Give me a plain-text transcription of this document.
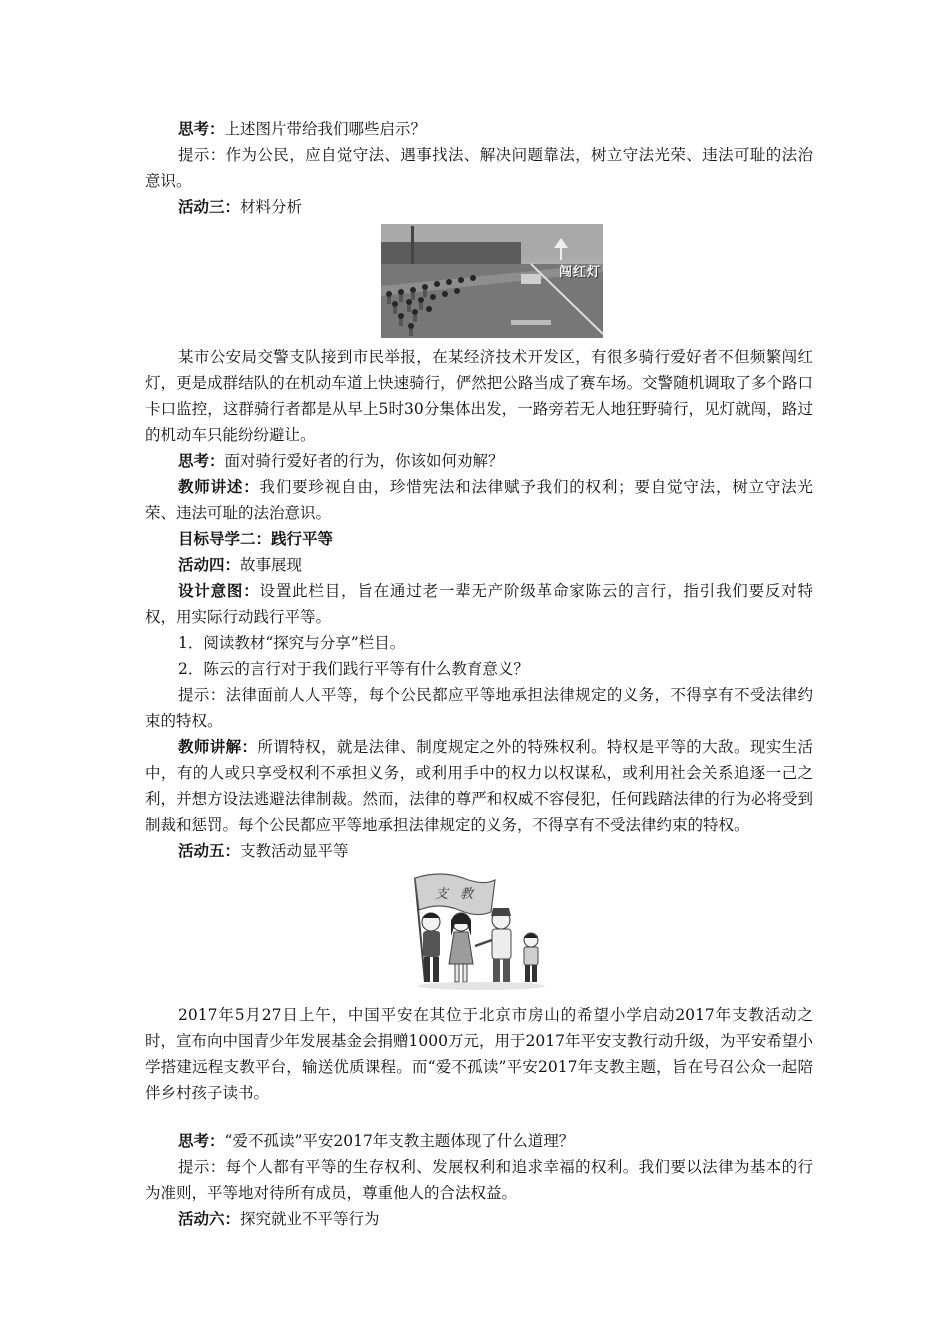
思考：上述图片带给我们哪些启示？

提示：作为公民，应自觉守法、遇事找法、解决问题靠法，树立守法光荣、违法可耻的法治意识。

活动三：材料分析

闯红灯

某市公安局交警支队接到市民举报，在某经济技术开发区，有很多骑行爱好者不但频繁闯红灯，更是成群结队的在机动车道上快速骑行，俨然把公路当成了赛车场。交警随机调取了多个路口卡口监控，这群骑行者都是从早上5时30分集体出发，一路旁若无人地狂野骑行，见灯就闯，路过的机动车只能纷纷避让。

思考：面对骑行爱好者的行为，你该如何劝解？

教师讲述：我们要珍视自由，珍惜宪法和法律赋予我们的权利；要自觉守法，树立守法光荣、违法可耻的法治意识。

目标导学二：践行平等

活动四：故事展现

设计意图：设置此栏目，旨在通过老一辈无产阶级革命家陈云的言行，指引我们要反对特权，用实际行动践行平等。

1．阅读教材“探究与分享”栏目。

2．陈云的言行对于我们践行平等有什么教育意义？

提示：法律面前人人平等，每个公民都应平等地承担法律规定的义务，不得享有不受法律约束的特权。

教师讲解：所谓特权，就是法律、制度规定之外的特殊权利。特权是平等的大敌。现实生活中，有的人或只享受权利不承担义务，或利用手中的权力以权谋私，或利用社会关系追逐一己之利，并想方设法逃避法律制裁。然而，法律的尊严和权威不容侵犯，任何践踏法律的行为必将受到制裁和惩罚。每个公民都应平等地承担法律规定的义务，不得享有不受法律约束的特权。

活动五：支教活动显平等

支教

2017年5月27日上午，中国平安在其位于北京市房山的希望小学启动2017年支教活动之时，宣布向中国青少年发展基金会捐赠1000万元，用于2017年平安支教行动升级，为平安希望小学搭建远程支教平台，输送优质课程。而“爱不孤读”平安2017年支教主题，旨在号召公众一起陪伴乡村孩子读书。

思考：“爱不孤读”平安2017年支教主题体现了什么道理？

提示：每个人都有平等的生存权利、发展权利和追求幸福的权利。我们要以法律为基本的行为准则，平等地对待所有成员，尊重他人的合法权益。

活动六：探究就业不平等行为
